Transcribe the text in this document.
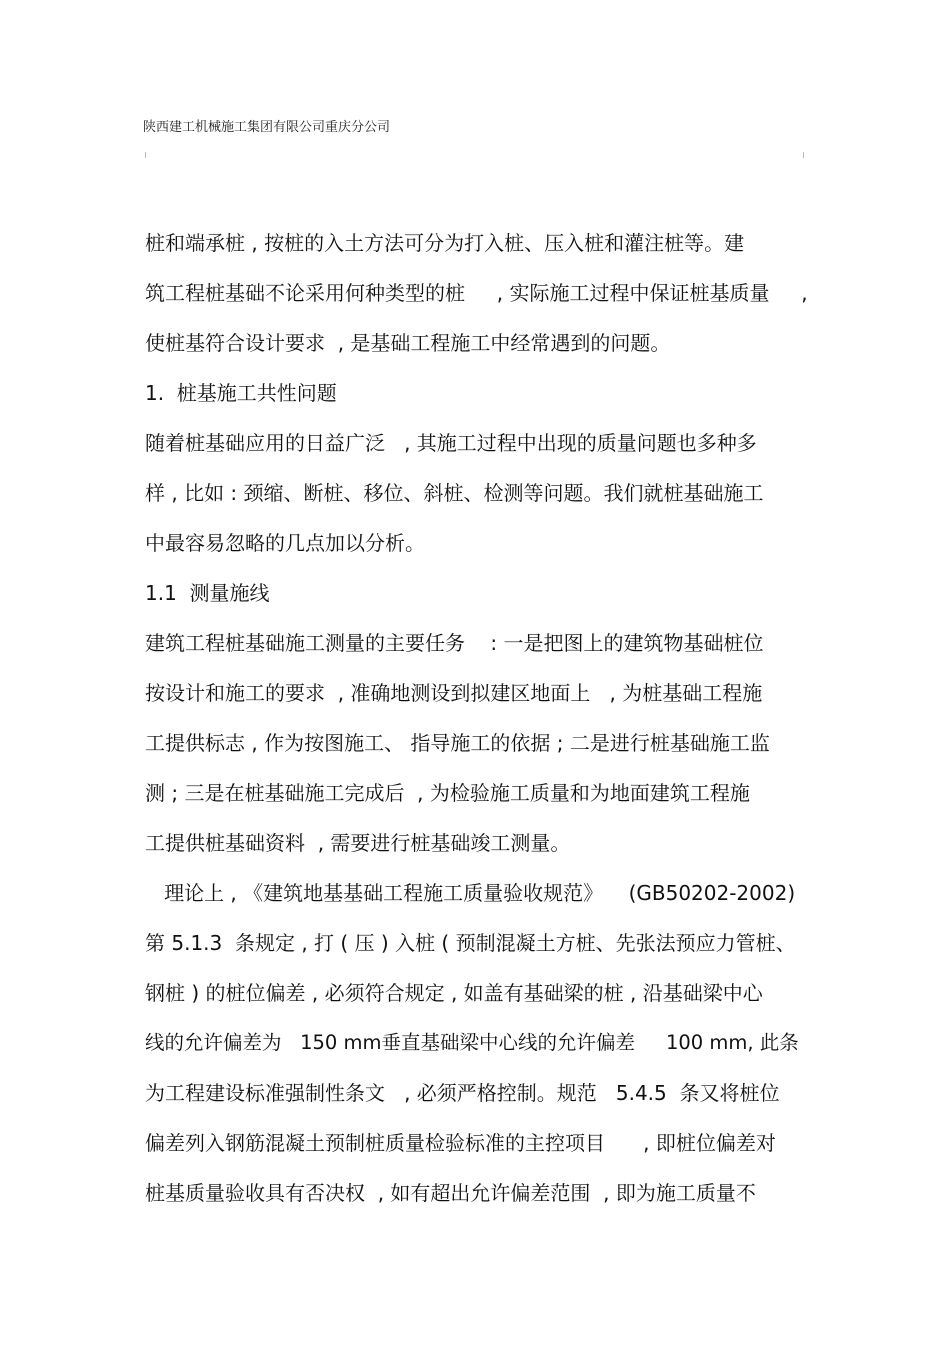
陕西建工机械施工集团有限公司重庆分公司
桩和端承桩 , 按桩的入土方法可分为打入桩、压入桩和灌注桩等。建
筑工程桩基础不论采用何种类型的桩     , 实际施工过程中保证桩基质量     ,
使桩基符合设计要求  , 是基础工程施工中经常遇到的问题。
1.  桩基施工共性问题
随着桩基础应用的日益广泛   , 其施工过程中出现的质量问题也多种多
样 , 比如 : 颈缩、断桩、移位、斜桩、检测等问题。我们就桩基础施工
中最容易忽略的几点加以分析。
1.1  测量施线
建筑工程桩基础施工测量的主要任务    : 一是把图上的建筑物基础桩位
按设计和施工的要求  , 准确地测设到拟建区地面上   , 为桩基础工程施
工提供标志 , 作为按图施工、 指导施工的依据 ; 二是进行桩基础施工监
测 ; 三是在桩基础施工完成后  , 为检验施工质量和为地面建筑工程施
工提供桩基础资料  , 需要进行桩基础竣工测量。
理论上 , 《建筑地基基础工程施工质量验收规范》    (GB50202-2002)
第 5.1.3  条规定 , 打 ( 压 ) 入桩 ( 预制混凝土方桩、先张法预应力管桩、
钢桩 ) 的桩位偏差 , 必须符合规定 , 如盖有基础梁的桩 , 沿基础梁中心
线的允许偏差为   150 mm垂直基础梁中心线的允许偏差     100 mm, 此条
为工程建设标准强制性条文   , 必须严格控制。规范   5.4.5  条又将桩位
偏差列入钢筋混凝土预制桩质量检验标准的主控项目      , 即桩位偏差对
桩基质量验收具有否决权  , 如有超出允许偏差范围  , 即为施工质量不
